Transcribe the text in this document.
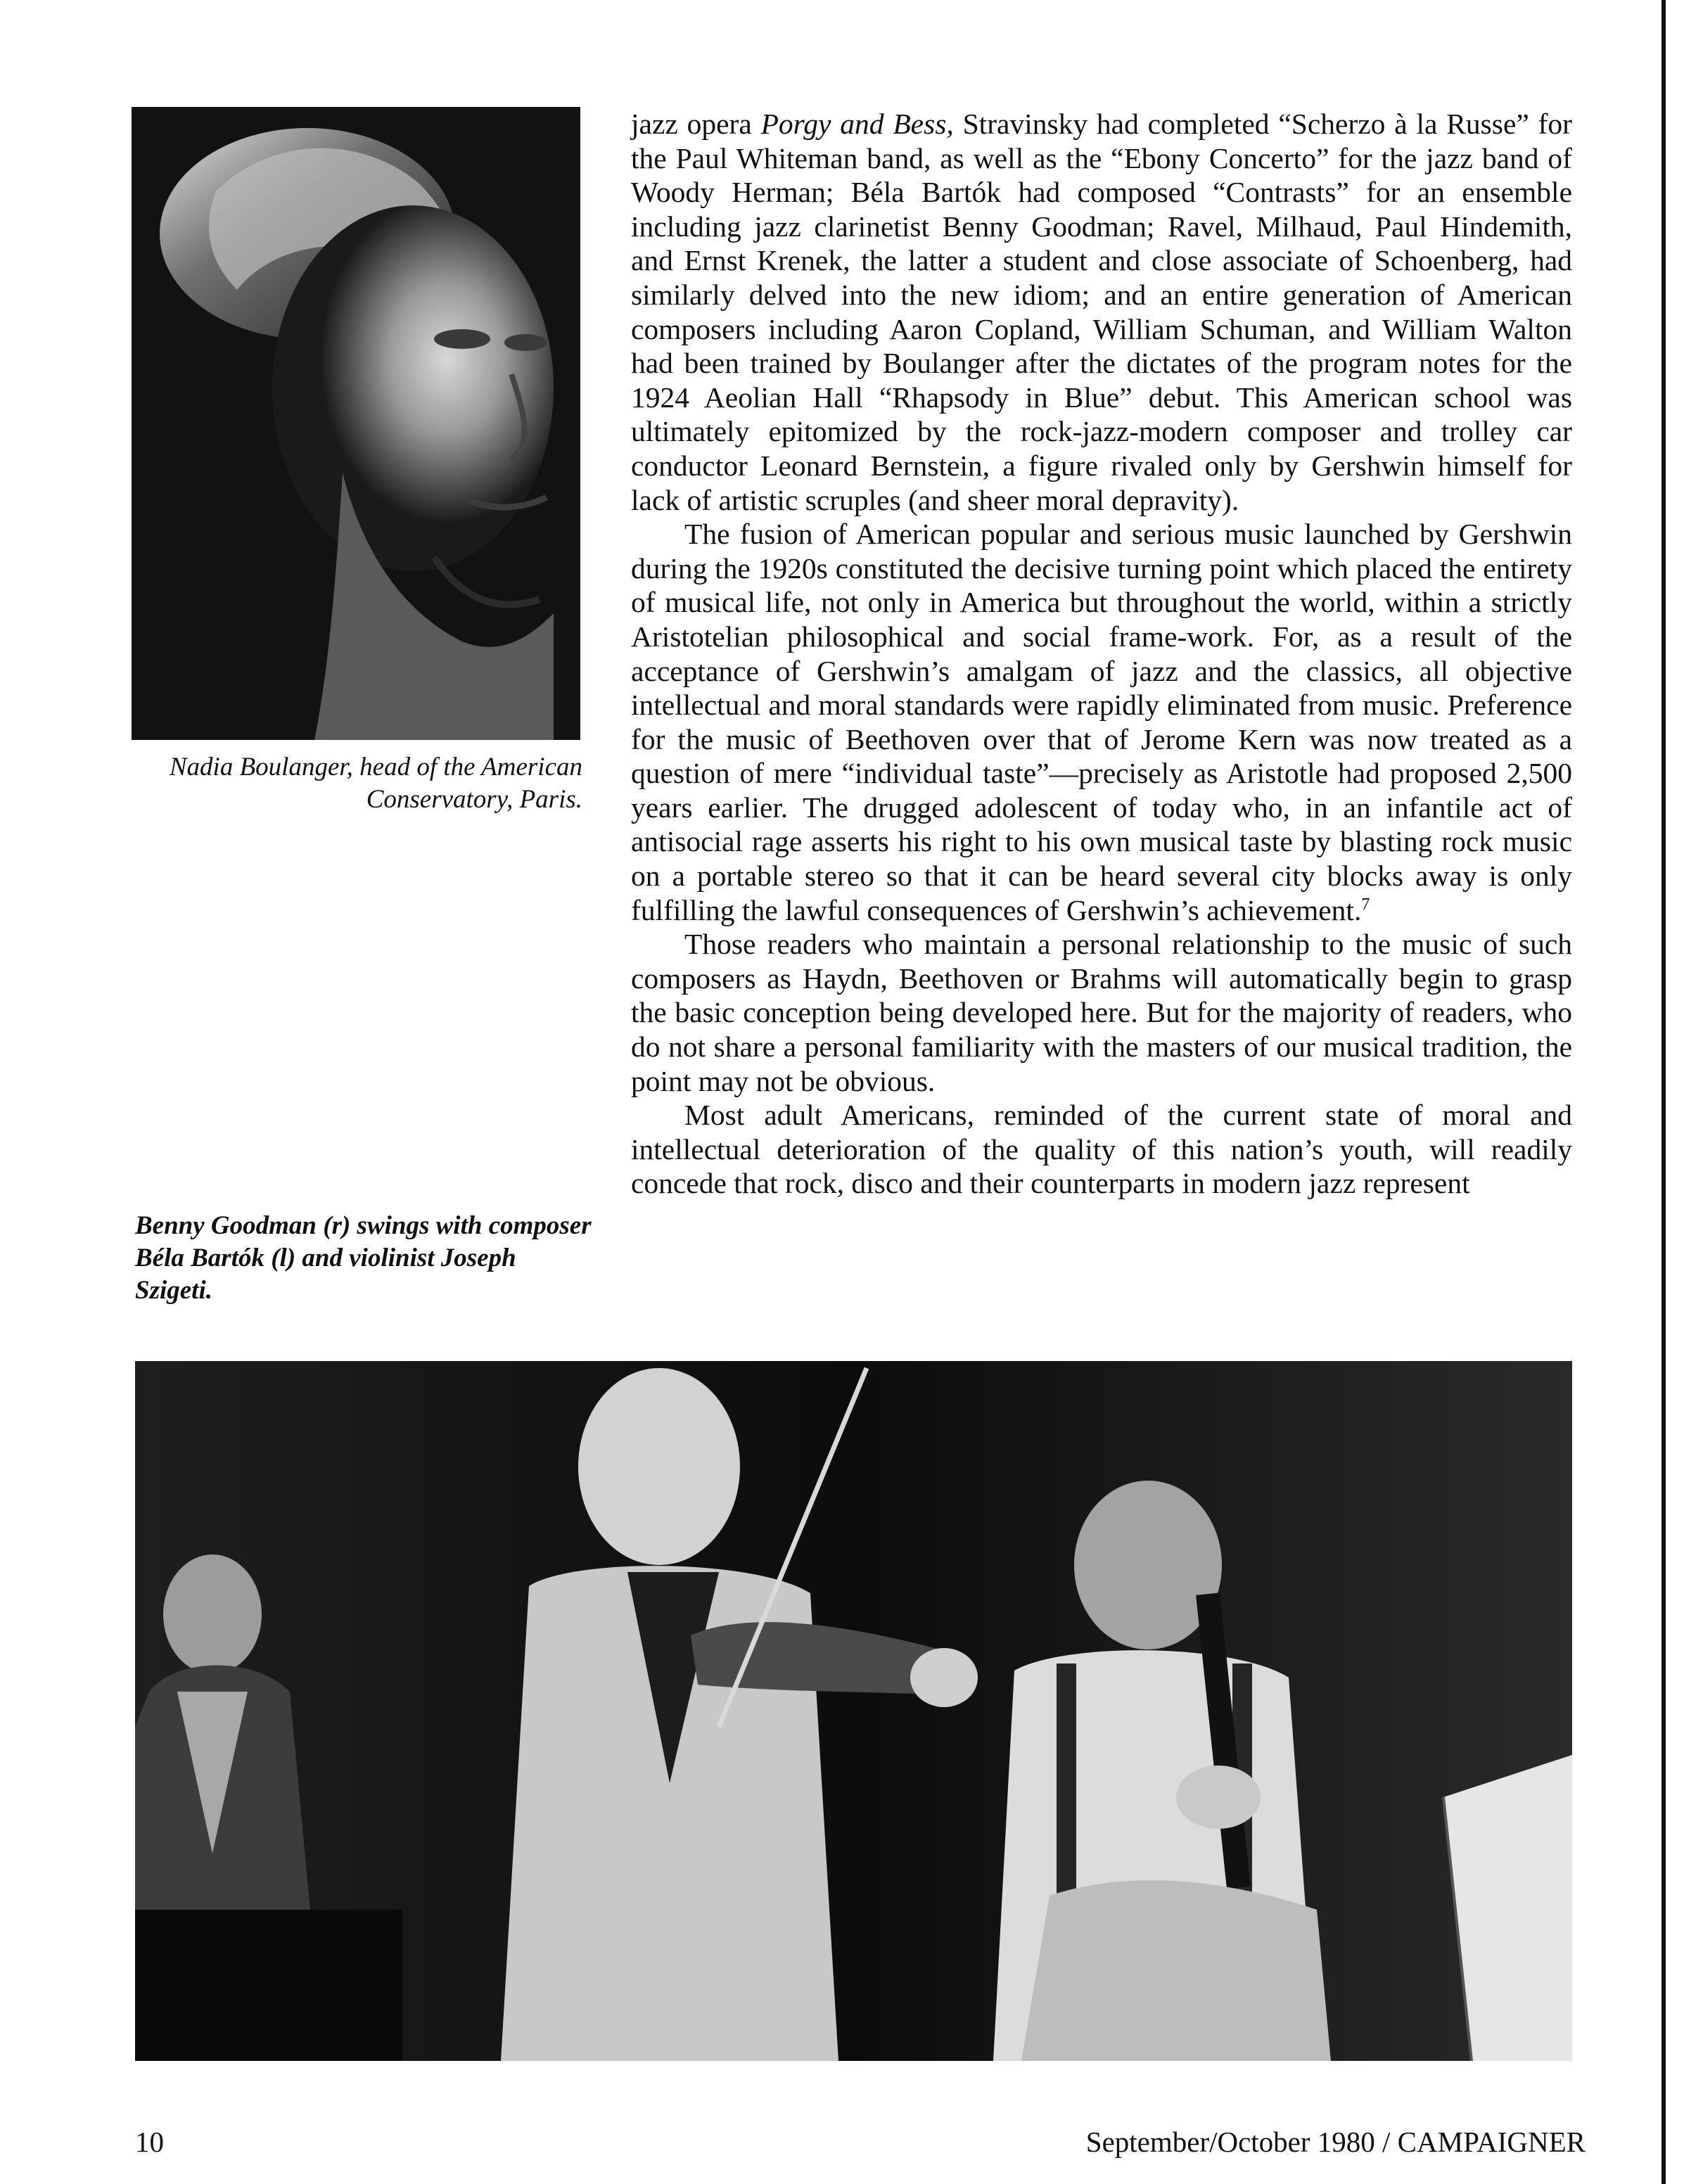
Nadia Boulanger, head of the American Conservatory, Paris.

jazz opera Porgy and Bess, Stravinsky had completed “Scherzo à la Russe” for the Paul Whiteman band, as well as the “Ebony Concerto” for the jazz band of Woody Herman; Béla Bartók had composed “Contrasts” for an ensemble including jazz clarinetist Benny Goodman; Ravel, Milhaud, Paul Hindemith, and Ernst Krenek, the latter a student and close associate of Schoenberg, had similarly delved into the new idiom; and an entire generation of American composers including Aaron Copland, William Schuman, and William Walton had been trained by Boulanger after the dictates of the program notes for the 1924 Aeolian Hall “Rhapsody in Blue” debut. This American school was ultimately epitomized by the rock-jazz-modern composer and trolley car conductor Leonard Bernstein, a figure rivaled only by Gershwin himself for lack of artistic scruples (and sheer moral depravity).

The fusion of American popular and serious music launched by Gershwin during the 1920s constituted the decisive turning point which placed the entirety of musical life, not only in America but throughout the world, within a strictly Aristotelian philosophical and social frame-work. For, as a result of the acceptance of Gershwin’s amalgam of jazz and the classics, all objective intellectual and moral standards were rapidly eliminated from music. Preference for the music of Beethoven over that of Jerome Kern was now treated as a question of mere “individual taste”—precisely as Aristotle had proposed 2,500 years earlier. The drugged adolescent of today who, in an infantile act of antisocial rage asserts his right to his own musical taste by blasting rock music on a portable stereo so that it can be heard several city blocks away is only fulfilling the lawful consequences of Gershwin’s achievement.$^7$

Those readers who maintain a personal relationship to the music of such composers as Haydn, Beethoven or Brahms will automatically begin to grasp the basic conception being developed here. But for the majority of readers, who do not share a personal familiarity with the masters of our musical tradition, the point may not be obvious.

Most adult Americans, reminded of the current state of moral and intellectual deterioration of the quality of this nation’s youth, will readily concede that rock, disco and their counterparts in modern jazz represent

Benny Goodman (r) swings with composer Béla Bartók (l) and violinist Joseph Szigeti.
10	September/October 1980 / CAMPAIGNER
